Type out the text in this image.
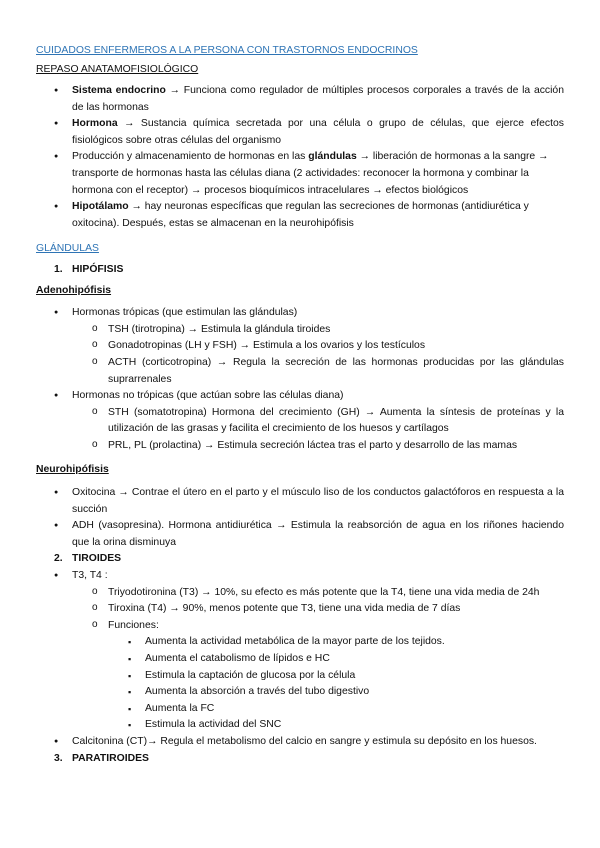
CUIDADOS ENFERMEROS A LA PERSONA CON TRASTORNOS ENDOCRINOS
REPASO ANATAMOFISIOLÓGICO
● Sistema endocrino → Funciona como regulador de múltiples procesos corporales a través de la acción de las hormonas
● Hormona → Sustancia química secretada por una célula o grupo de células, que ejerce efectos fisiológicos sobre otras células del organismo
● Producción y almacenamiento de hormonas en las glándulas → liberación de hormonas a la sangre → transporte de hormonas hasta las células diana (2 actividades: reconocer la hormona y combinar la hormona con el receptor) → procesos bioquímicos intracelulares → efectos biológicos
● Hipotálamo → hay neuronas específicas que regulan las secreciones de hormonas (antidiurética y oxitocina). Después, estas se almacenan en la neurohipófisis
GLÁNDULAS
1. HIPÓFISIS
Adenohipófisis
● Hormonas trópicas (que estimulan las glándulas)
o TSH (tirotropina) → Estimula la glándula tiroides
o Gonadotropinas (LH y FSH) → Estimula a los ovarios y los testículos
o ACTH (corticotropina) → Regula la secreción de las hormonas producidas por las glándulas suprarrenales
● Hormonas no trópicas (que actúan sobre las células diana)
o STH (somatotropina) Hormona del crecimiento (GH) → Aumenta la síntesis de proteínas y la utilización de las grasas y facilita el crecimiento de los huesos y cartílagos
o PRL, PL (prolactina) → Estimula secreción láctea tras el parto y desarrollo de las mamas
Neurohipófisis
● Oxitocina → Contrae el útero en el parto y el músculo liso de los conductos galactóforos en respuesta a la succión
● ADH (vasopresina). Hormona antidiurética → Estimula la reabsorción de agua en los riñones haciendo que la orina disminuya
2. TIROIDES
● T3, T4 :
o Triyodotironina (T3) → 10%, su efecto es más potente que la T4, tiene una vida media de 24h
o Tiroxina (T4) → 90%, menos potente que T3, tiene una vida media de 7 días
o Funciones:
▪ Aumenta la actividad metabólica de la mayor parte de los tejidos.
▪ Aumenta el catabolismo de lípidos e HC
▪ Estimula la captación de glucosa por la célula
▪ Aumenta la absorción a través del tubo digestivo
▪ Aumenta la FC
▪ Estimula la actividad del SNC
● Calcitonina (CT)→ Regula el metabolismo del calcio en sangre y estimula su depósito en los huesos.
3. PARATIROIDES
